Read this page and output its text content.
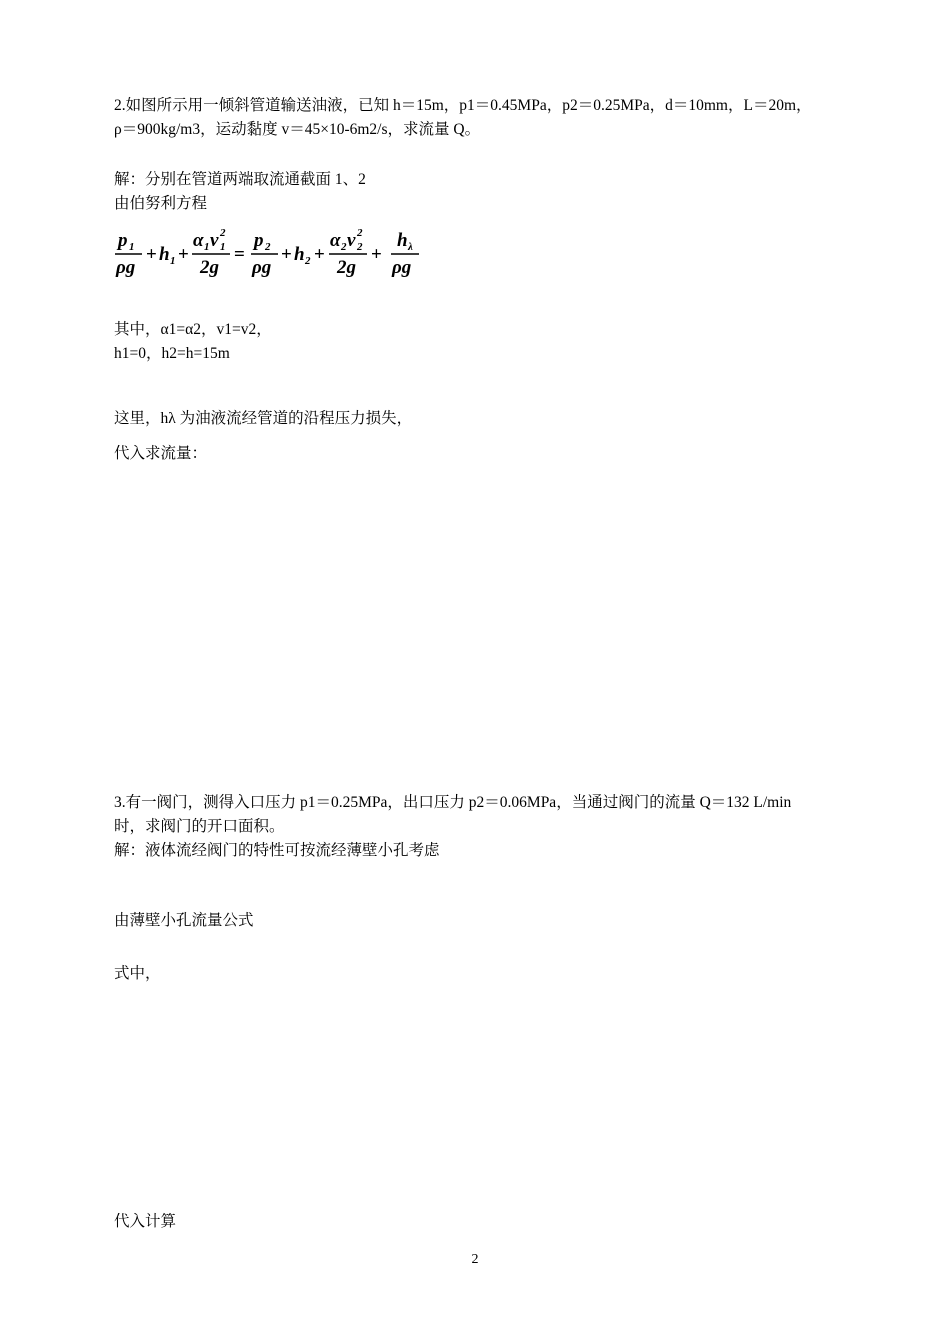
2.如图所示用一倾斜管道输送油液，已知 h＝15m，p1＝0.45MPa，p2＝0.25MPa，d＝10mm，L＝20m，
ρ＝900kg/m3，运动黏度 v＝45×10-6m2/s，求流量 Q。
解：分别在管道两端取流通截面 1、2
由伯努利方程
p 1
ρg
+ h 1 +
α 1 v 2
1
2g
=
p 2
ρg
+ h 2 +
α 2 v 2
2
2g
+
h λ
ρg
其中，α1=α2，v1=v2，
h1=0，h2=h=15m
这里，hλ 为油液流经管道的沿程压力损失，
代入求流量：
3.有一阀门，测得入口压力 p1＝0.25MPa，出口压力 p2＝0.06MPa，当通过阀门的流量 Q＝132 L/min
时，求阀门的开口面积。
解：液体流经阀门的特性可按流经薄壁小孔考虑
由薄壁小孔流量公式
式中，
代入计算
2
